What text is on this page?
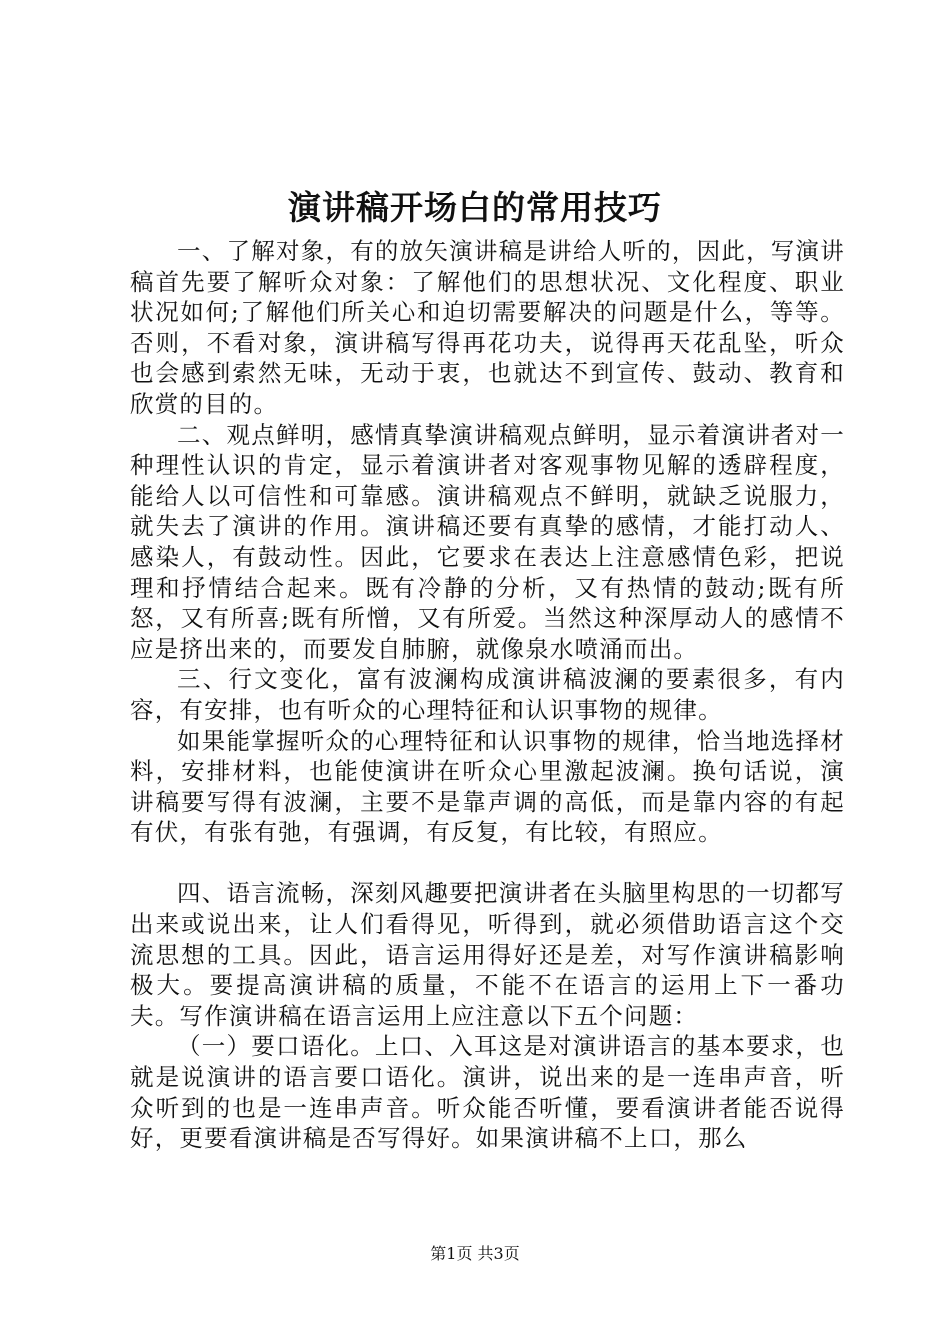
演讲稿开场白的常用技巧

一、了解对象，有的放矢演讲稿是讲给人听的，因此，写演讲稿首先要了解听众对象：了解他们的思想状况、文化程度、职业状况如何;了解他们所关心和迫切需要解决的问题是什么，等等。否则，不看对象，演讲稿写得再花功夫，说得再天花乱坠，听众也会感到索然无味，无动于衷，也就达不到宣传、鼓动、教育和欣赏的目的。

二、观点鲜明，感情真挚演讲稿观点鲜明，显示着演讲者对一种理性认识的肯定，显示着演讲者对客观事物见解的透辟程度，能给人以可信性和可靠感。演讲稿观点不鲜明，就缺乏说服力，就失去了演讲的作用。演讲稿还要有真挚的感情，才能打动人、感染人，有鼓动性。因此，它要求在表达上注意感情色彩，把说理和抒情结合起来。既有冷静的分析，又有热情的鼓动;既有所怒，又有所喜;既有所憎，又有所爱。当然这种深厚动人的感情不应是挤出来的，而要发自肺腑，就像泉水喷涌而出。

三、行文变化，富有波澜构成演讲稿波澜的要素很多，有内容，有安排，也有听众的心理特征和认识事物的规律。

如果能掌握听众的心理特征和认识事物的规律，恰当地选择材料，安排材料，也能使演讲在听众心里激起波澜。换句话说，演讲稿要写得有波澜，主要不是靠声调的高低，而是靠内容的有起有伏，有张有弛，有强调，有反复，有比较，有照应。

四、语言流畅，深刻风趣要把演讲者在头脑里构思的一切都写出来或说出来，让人们看得见，听得到，就必须借助语言这个交流思想的工具。因此，语言运用得好还是差，对写作演讲稿影响极大。要提高演讲稿的质量，不能不在语言的运用上下一番功夫。写作演讲稿在语言运用上应注意以下五个问题：

（一）要口语化。上口、入耳这是对演讲语言的基本要求，也就是说演讲的语言要口语化。演讲，说出来的是一连串声音，听众听到的也是一连串声音。听众能否听懂，要看演讲者能否说得好，更要看演讲稿是否写得好。如果演讲稿不上口，那么

第1页 共3页
